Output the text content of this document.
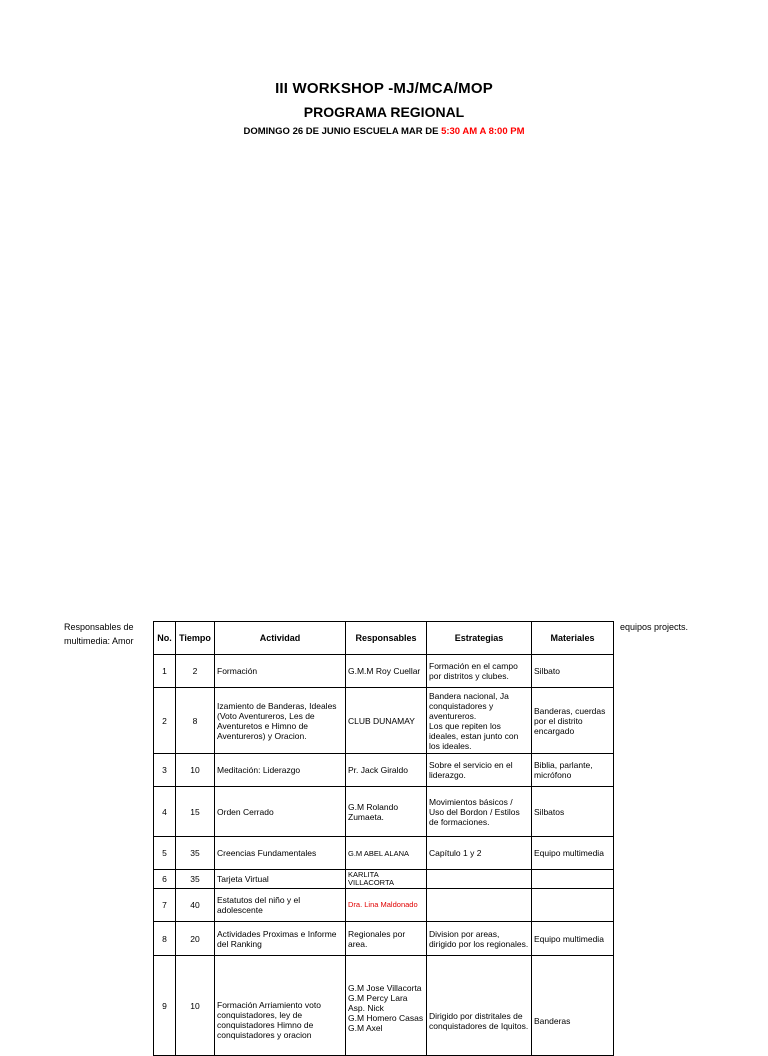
III WORKSHOP -MJ/MCA/MOP
PROGRAMA REGIONAL
DOMINGO 26 DE JUNIO ESCUELA MAR DE 5:30 AM A 8:00 PM
Responsables de multimedia: Amor
equipos projects.
No.	Tiempo	Actividad	Responsables	Estrategias	Materiales
1	2	Formación	G.M.M Roy Cuellar	Formación en el campo por distritos y clubes.	Silbato
2	8	Izamiento de Banderas, Ideales (Voto Aventureros, Les de Aventuretos e Himno de Aventureros) y Oracion.	CLUB DUNAMAY	Bandera nacional, Ja conquistadores y aventureros.
Los que repiten los ideales, estan junto con los ideales.	Banderas, cuerdas por el distrito encargado
3	10	Meditación: Liderazgo	Pr. Jack Giraldo	Sobre el servicio en el liderazgo.	Biblia, parlante, micrófono
4	15	Orden Cerrado	G.M Rolando Zumaeta.	Movimientos básicos / Uso del Bordon / Estilos de formaciones.	Silbatos
5	35	Creencias Fundamentales	G.M ABEL ALANA	Capítulo 1 y 2	Equipo multimedia
6	35	Tarjeta Virtual	KARLITA VILLACORTA		
7	40	Estatutos del niño y el adolescente	Dra. Lina Maldonado		
8	20	Actividades Proximas e Informe del Ranking	Regionales por area.	Division por areas, dirigido por los regionales.	Equipo multimedia
9	10	Formación Arriamiento voto conquistadores, ley de conquistadores Himno de conquistadores y oracion	G.M Jose Villacorta
G.M Percy Lara
Asp. Nick
G.M Homero Casas
G.M Axel	Dirigido por distritales de conquistadores de Iquitos.	Banderas
